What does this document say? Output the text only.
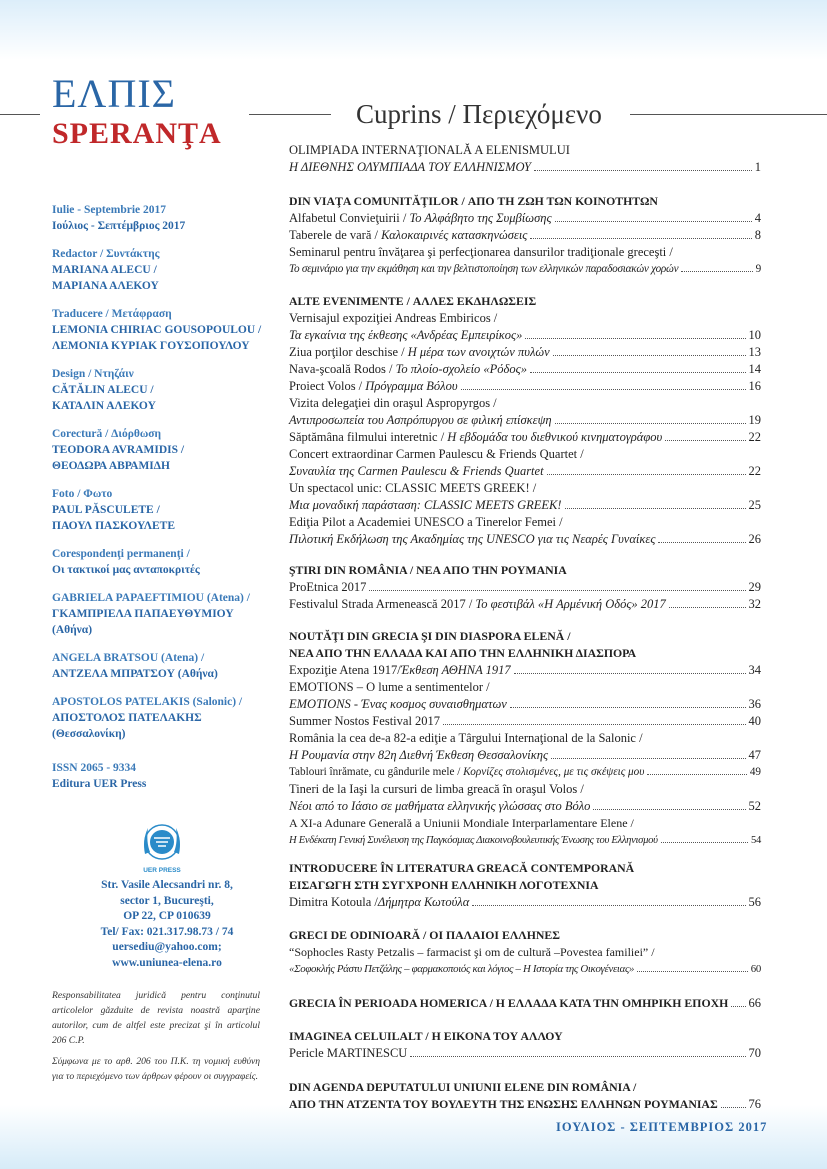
ΕΛΠΙΣ
SPERANŢA
Cuprins / Περιεχόμενο
Iulie - Septembrie 2017
Ιούλιος - Σεπτέμβριος 2017
Redactor / Συντάκτης
MARIANA ALECU /
ΜΑΡΙΑΝΑ ΑΛΕΚΟΥ
Traducere / Μετάφραση
LEMONIA CHIRIAC GOUSOPOULOU /
ΛΕΜΟΝΙΑ ΚΥΡΙΑΚ ΓΟΥΣΟΠΟΥΛΟΥ
Design / Ντηζάιν
CĂTĂLIN ALECU /
ΚΑΤΑΛΙΝ ΑΛΕΚΟΥ
Corectură / Διόρθωση
TEODORA AVRAMIDIS /
ΘΕΟΔΩΡΑ ΑΒΡΑΜΙΔΗ
Foto / Φωτο
PAUL PĂSCULETE /
ΠΑΟΥΛ ΠΑΣΚΟΥΛΕΤΕ
Corespondenţi permanenţi /
Οι τακτικοί μας ανταποκριτές
GABRIELA PAPAEFTIMIOU (Atena) /
ΓΚΑΜΠΡΙΕΛΑ ΠΑΠΑΕΥΘΥΜΙΟΥ (Αθήνα)
ANGELA BRATSOU (Atena) /
ΑΝΤΖΕΛΑ ΜΠΡΑΤΣΟΥ (Αθήνα)
APOSTOLOS PATELAKIS (Salonic) /
ΑΠΟΣΤΟΛΟΣ ΠΑΤΕΛΑΚΗΣ (Θεσσαλονίκη)
ISSN 2065 - 9334
Editura UER Press
UER PRESS
Str. Vasile Alecsandri nr. 8,
sector 1, Bucureşti,
OP 22, CP 010639
Tel/ Fax: 021.317.98.73 / 74
uersediu@yahoo.com;
www.uniunea-elena.ro

Responsabilitatea juridică pentru conţinutul articolelor găzduite de revista noastră aparţine autorilor, cum de altfel este precizat şi în articolul 206 C.P.

Σύμφωνα με το αρθ. 206 του Π.Κ. τη νομική ευθύνη για το περιεχόμενο των άρθρων φέρουν οι συγγραφείς.

OLIMPIADA INTERNAŢIONALĂ A ELENISMULUI
Η ΔΙΕΘΝΗΣ ΟΛΥΜΠΙΑΔΑ ΤΟΥ ΕΛΛΗΝΙΣΜΟΥ	1
DIN VIAŢA COMUNITĂŢILOR / ΑΠΟ ΤΗ ΖΩΗ ΤΩΝ ΚΟΙΝΟΤΗΤΩΝ
Alfabetul Convieţuirii / Το Αλφάβητο της Συμβίωσης	4
Taberele de vară / Καλοκαιρινές κατασκηνώσεις	8
Seminarul pentru învăţarea şi perfecţionarea dansurilor tradiţionale greceşti /
Το σεμινάριο για την εκμάθηση και την βελτιστοποίηση των ελληνικών παραδοσιακών χορών	9
ALTE EVENIMENTE / ΑΛΛΕΣ ΕΚΔΗΛΩΣΕΙΣ
Vernisajul expoziţiei Andreas Embiricos /
Τα εγκαίνια της έκθεσης «Ανδρέας Εμπειρίκος»	10
Ziua porţilor deschise / Η μέρα των ανοιχτών πυλών	13
Nava-şcoală Rodos / Το πλοίο-σχολείο «Ρόδος»	14
Proiect Volos / Πρόγραμμα Βόλου	16
Vizita delegaţiei din oraşul Aspropyrgos /
Αντιπροσωπεία του Ασπρόπυργου σε φιλική επίσκεψη	19
Săptămâna filmului interetnic / Η εβδομάδα του διεθνικού κινηματογράφου	22
Concert extraordinar Carmen Paulescu & Friends Quartet /
Συναυλία της Carmen Paulescu & Friends Quartet	22
Un spectacol unic: CLASSIC MEETS GREEK! /
Μια μοναδική παράσταση: CLASSIC MEETS GREEK!	25
Ediţia Pilot a Academiei UNESCO a Tinerelor Femei /
Πιλοτική Εκδήλωση της Ακαδημίας της UNESCO για τις Νεαρές Γυναίκες	26
ŞTIRI DIN ROMÂNIA / ΝΕΑ ΑΠΟ ΤΗΝ ΡΟΥΜΑΝΙΑ
ProEtnica 2017	29
Festivalul Strada Armenească 2017 / Το φεστιβάλ «Η Αρμένική Οδός» 2017	32
NOUTĂŢI DIN GRECIA ŞI DIN DIASPORA ELENĂ /
ΝΕΑ ΑΠΟ ΤΗΝ ΕΛΛΑΔΑ ΚΑΙ ΑΠΟ ΤΗΝ ΕΛΛΗΝΙΚΗ ΔΙΑΣΠΟΡΑ
Expoziţie Atena 1917/Έκθεση ΑΘΗΝΑ 1917	34
EMOTIONS – O lume a sentimentelor /
EMOTIONS - Ένας κοσμος συναισθηματων	36
Summer Nostos Festival 2017	40
România la cea de-a 82-a ediţie a Târgului Internaţional de la Salonic /
Η Ρουμανία στην 82η Διεθνή Έκθεση Θεσσαλονίκης	47
Tablouri înrămate, cu gândurile mele / Κορνίζες στολισμένες, με τις σκέψεις μου	49
Tineri de la Iaşi la cursuri de limba greacă în oraşul Volos /
Νέοι από το Ιάσιο σε μαθήματα ελληνικής γλώσσας στο Βόλο	52
A XI-a Adunare Generală a Uniunii Mondiale Interparlamentare Elene /
Η Ενδέκατη Γενική Συνέλευση της Παγκόσμιας Διακοινοβουλευτικής Ένωσης του Ελληνισμού	54
INTRODUCERE ÎN LITERATURA GREACĂ CONTEMPORANĂ
ΕΙΣΑΓΩΓΗ ΣΤΗ ΣΥΓΧΡΟΝΗ ΕΛΛΗΝΙΚΗ ΛΟΓΟΤΕΧΝΙΑ
Dimitra Kotoula /Δήμητρα Κωτούλα	56
GRECI DE ODINIOARĂ / ΟΙ ΠΑΛΑΙΟΙ ΕΛΛΗΝΕΣ
“Sophocles Rasty Petzalis – farmacist şi om de cultură –Povestea familiei” /
«Σοφοκλής Ράστυ Πετζάλης – φαρμακοποιός και λόγιος – Η Ιστορία της Οικογένειας»	60
GRECIA ÎN PERIOADA HOMERICA / Η ΕΛΛΑΔΑ ΚΑΤΑ ΤΗΝ ΟΜΗΡΙΚΗ ΕΠΟΧΗ 66
IMAGINEA CELUILALT / Η ΕΙΚΟΝΑ ΤΟΥ ΑΛΛΟΥ
Pericle MARTINESCU	70
DIN AGENDA DEPUTATULUI UNIUNII ELENE DIN ROMÂNIA /
ΑΠΟ ΤΗΝ ΑΤΖΕΝΤΑ ΤΟΥ ΒΟΥΛΕΥΤΗ ΤΗΣ ΕΝΩΣΗΣ ΕΛΛΗΝΩΝ ΡΟΥΜΑΝΙΑΣ 76
ΙΟΥΛΙΟΣ - ΣΕΠΤΕΜΒΡΙΟΣ 2017
